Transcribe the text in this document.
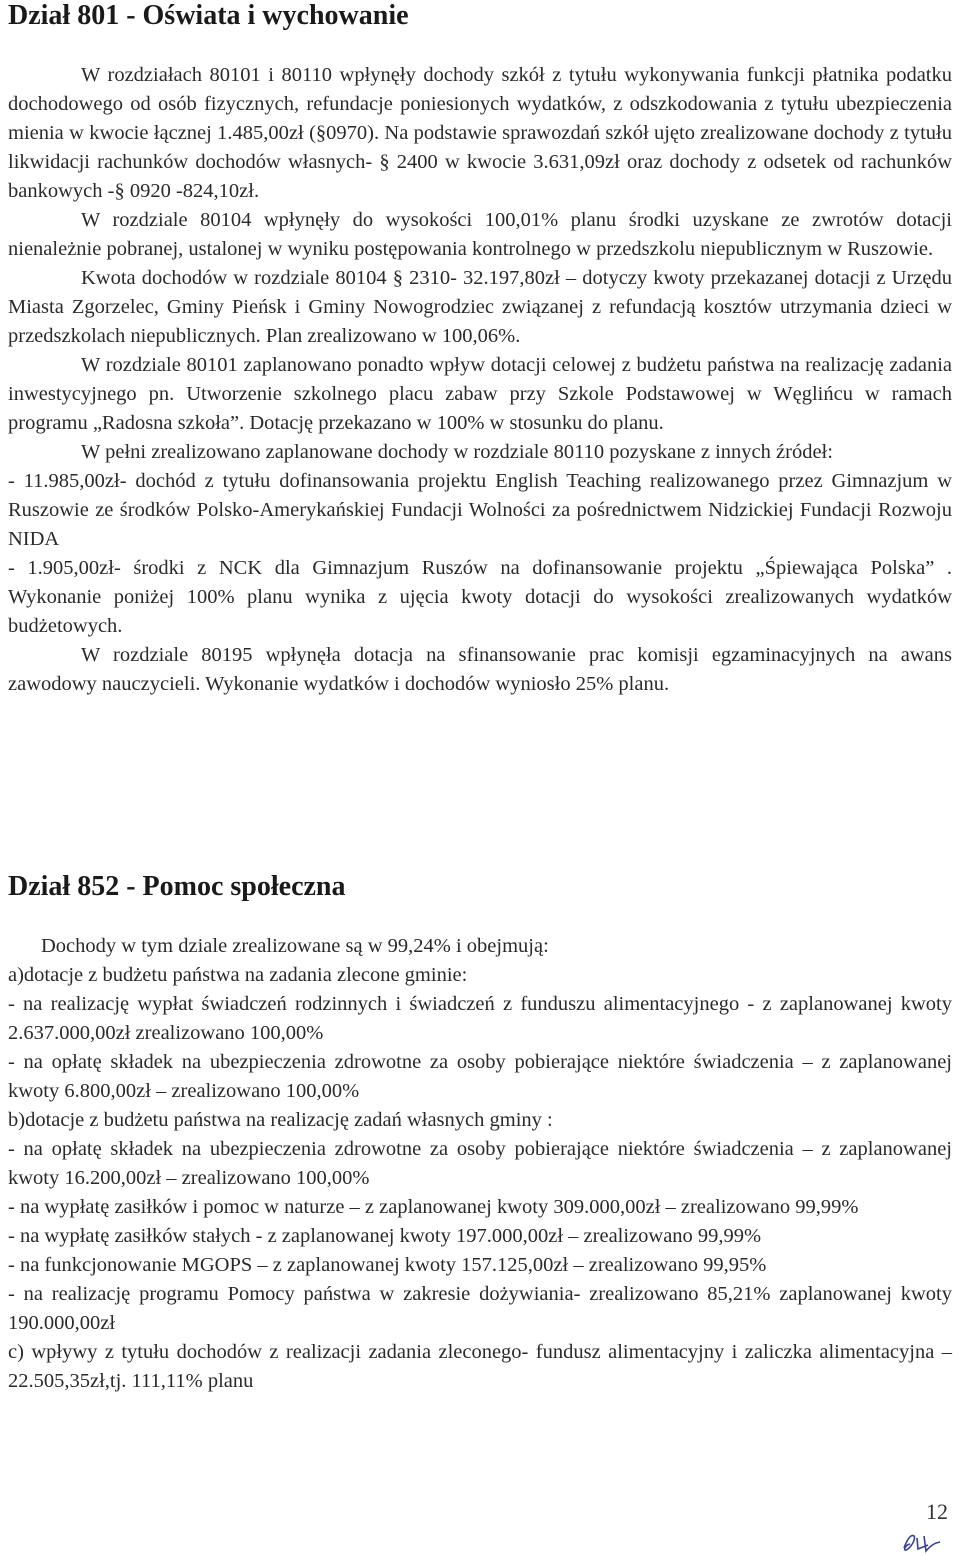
Dział 801 - Oświata i wychowanie

W rozdziałach 80101 i 80110 wpłynęły dochody szkół z tytułu wykonywania funkcji płatnika podatku dochodowego od osób fizycznych, refundacje poniesionych wydatków, z odszkodowania z tytułu ubezpieczenia mienia w kwocie łącznej 1.485,00zł (§0970). Na podstawie sprawozdań szkół ujęto zrealizowane dochody z tytułu likwidacji rachunków dochodów własnych- § 2400 w kwocie 3.631,09zł oraz dochody z odsetek od rachunków bankowych -§ 0920 -824,10zł.

W rozdziale 80104 wpłynęły do wysokości 100,01% planu środki uzyskane ze zwrotów dotacji nienależnie pobranej, ustalonej w wyniku postępowania kontrolnego w przedszkolu niepublicznym w Ruszowie.

Kwota dochodów w rozdziale 80104 § 2310- 32.197,80zł – dotyczy kwoty przekazanej dotacji z Urzędu Miasta Zgorzelec, Gminy Pieńsk i Gminy Nowogrodziec związanej z refundacją kosztów utrzymania dzieci w przedszkolach niepublicznych. Plan zrealizowano w 100,06%.

W rozdziale 80101 zaplanowano ponadto wpływ dotacji celowej z budżetu państwa na realizację zadania inwestycyjnego pn. Utworzenie szkolnego placu zabaw przy Szkole Podstawowej w Węglińcu w ramach programu „Radosna szkoła”. Dotację przekazano w 100% w stosunku do planu.

W pełni zrealizowano zaplanowane dochody w rozdziale 80110 pozyskane z innych źródeł:

- 11.985,00zł- dochód z tytułu dofinansowania projektu English Teaching realizowanego przez Gimnazjum w Ruszowie ze środków Polsko-Amerykańskiej Fundacji Wolności za pośrednictwem Nidzickiej Fundacji Rozwoju NIDA

- 1.905,00zł- środki z NCK dla Gimnazjum Ruszów na dofinansowanie projektu „Śpiewająca Polska” . Wykonanie poniżej 100% planu wynika z ujęcia kwoty dotacji do wysokości zrealizowanych wydatków budżetowych.

W rozdziale 80195 wpłynęła dotacja na sfinansowanie prac komisji egzaminacyjnych na awans zawodowy nauczycieli. Wykonanie wydatków i dochodów wyniosło 25% planu.

Dział 852 - Pomoc społeczna

Dochody w tym dziale zrealizowane są w 99,24% i obejmują:

a)dotacje z budżetu państwa na zadania zlecone gminie:

- na realizację wypłat świadczeń rodzinnych i świadczeń z funduszu alimentacyjnego - z zaplanowanej kwoty 2.637.000,00zł zrealizowano 100,00%

- na opłatę składek na ubezpieczenia zdrowotne za osoby pobierające niektóre świadczenia – z zaplanowanej kwoty 6.800,00zł – zrealizowano 100,00%

b)dotacje z budżetu państwa na realizację zadań własnych gminy :

- na opłatę składek na ubezpieczenia zdrowotne za osoby pobierające niektóre świadczenia – z zaplanowanej kwoty 16.200,00zł – zrealizowano 100,00%

- na wypłatę zasiłków i pomoc w naturze – z zaplanowanej kwoty 309.000,00zł – zrealizowano 99,99%

- na wypłatę zasiłków stałych - z zaplanowanej kwoty 197.000,00zł – zrealizowano 99,99%

- na funkcjonowanie MGOPS – z zaplanowanej kwoty 157.125,00zł – zrealizowano 99,95%

- na realizację programu Pomocy państwa w zakresie dożywiania- zrealizowano 85,21% zaplanowanej kwoty 190.000,00zł

c) wpływy z tytułu dochodów z realizacji zadania zleconego- fundusz alimentacyjny i zaliczka alimentacyjna – 22.505,35zł,tj. 111,11% planu

12
